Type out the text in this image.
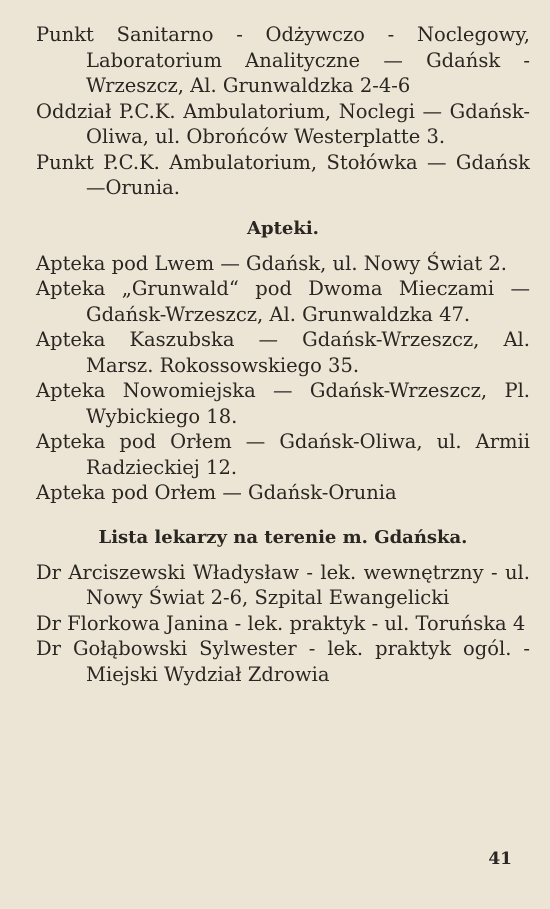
Punkt Sanitarno - Odżywczo - Noclegowy, Laboratorium Analityczne — Gdańsk -Wrzeszcz, Al. Grunwaldzka 2-4-6

Oddział P.C.K. Ambulatorium, Noclegi — Gdańsk-Oliwa, ul. Obrońców Westerplatte 3.

Punkt P.C.K. Ambulatorium, Stołówka — Gdańsk—Orunia.

Apteki.

Apteka pod Lwem — Gdańsk, ul. Nowy Świat 2.

Apteka „Grunwald“ pod Dwoma Mieczami — Gdańsk-Wrzeszcz, Al. Grunwaldzka 47.

Apteka Kaszubska — Gdańsk-Wrzeszcz, Al. Marsz. Rokossowskiego 35.

Apteka Nowomiejska — Gdańsk-Wrzeszcz, Pl. Wybickiego 18.

Apteka pod Orłem — Gdańsk-Oliwa, ul. Armii Radzieckiej 12.

Apteka pod Orłem — Gdańsk-Orunia

Lista lekarzy na terenie m. Gdańska.

Dr Arciszewski Władysław - lek. wewnętrzny - ul. Nowy Świat 2-6, Szpital Ewangelicki

Dr Florkowa Janina - lek. praktyk - ul. Toruńska 4

Dr Gołąbowski Sylwester - lek. praktyk ogól. - Miejski Wydział Zdrowia

41
